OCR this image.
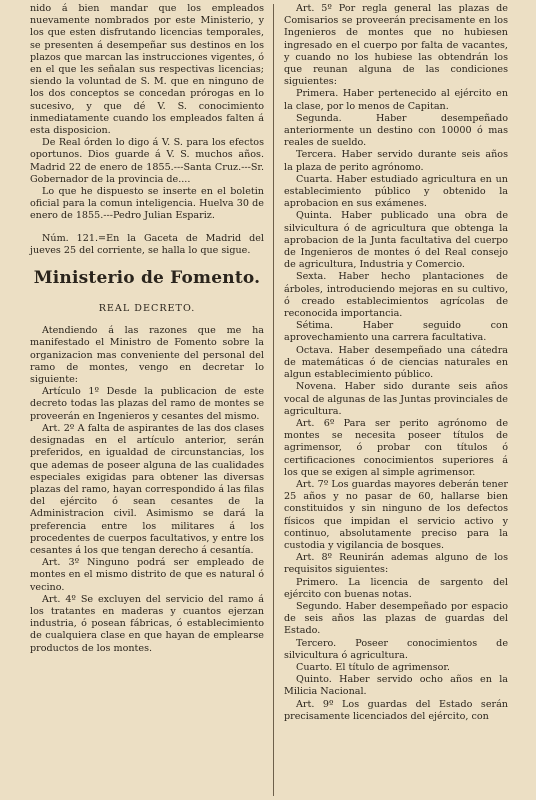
nido á bien mandar que los empleados nuevamente nombrados por este Ministerio, y los que esten disfrutando licencias temporales, se presenten á desempeñar sus destinos en los plazos que marcan las instrucciones vigentes, ó en el que les señalan sus respectivas licencias; siendo la voluntad de S. M. que en ninguno de los dos conceptos se concedan prórogas en lo sucesivo, y que dé V. S. conocimiento inmediatamente cuando los empleados falten á esta disposicion.

De Real órden lo digo á V. S. para los efectos oportunos. Dios guarde á V. S. muchos años. Madrid 22 de enero de 1855.---Santa Cruz.---Sr. Gobernador de la provincia de....

Lo que he dispuesto se inserte en el boletin oficial para la comun inteligencia. Huelva 30 de enero de 1855.---Pedro Julian Espariz.

Núm. 121.=En la Gaceta de Madrid del jueves 25 del corriente, se halla lo que sigue.

Ministerio de Fomento.
REAL DECRETO.

Atendiendo á las razones que me ha manifestado el Ministro de Fomento sobre la organizacion mas conveniente del personal del ramo de montes, vengo en decretar lo siguiente:

Artículo 1º Desde la publicacion de este decreto todas las plazas del ramo de montes se proveerán en Ingenieros y cesantes del mismo.

Art. 2º A falta de aspirantes de las dos clases designadas en el artículo anterior, serán preferidos, en igualdad de circunstancias, los que ademas de poseer alguna de las cualidades especiales exigidas para obtener las diversas plazas del ramo, hayan correspondido á las filas del ejército ó sean cesantes de la Administracion civil. Asimismo se dará la preferencia entre los militares á los procedentes de cuerpos facultativos, y entre los cesantes á los que tengan derecho á cesantía.

Art. 3º Ninguno podrá ser empleado de montes en el mismo distrito de que es natural ó vecino.

Art. 4º Se excluyen del servicio del ramo á los tratantes en maderas y cuantos ejerzan industria, ó posean fábricas, ó establecimiento de cualquiera clase en que hayan de emplearse productos de los montes.

Art. 5º Por regla general las plazas de Comisarios se proveerán precisamente en los Ingenieros de montes que no hubiesen ingresado en el cuerpo por falta de vacantes, y cuando no los hubiese las obtendrán los que reunan alguna de las condiciones siguientes:

Primera. Haber pertenecido al ejército en la clase, por lo menos de Capitan.

Segunda. Haber desempeñado anteriormente un destino con 10000 ó mas reales de sueldo.

Tercera. Haber servido durante seis años la plaza de perito agrónomo.

Cuarta. Haber estudiado agricultura en un establecimiento público y obtenido la aprobacion en sus exámenes.

Quinta. Haber publicado una obra de silvicultura ó de agricultura que obtenga la aprobacion de la Junta facultativa del cuerpo de Ingenieros de montes ó del Real consejo de agricultura, Industria y Comercio.

Sexta. Haber hecho plantaciones de árboles, introduciendo mejoras en su cultivo, ó creado establecimientos agrícolas de reconocida importancia.

Sétima. Haber seguido con aprovechamiento una carrera facultativa.

Octava. Haber desempeñado una cátedra de matemáticas ó de ciencias naturales en algun establecimiento público.

Novena. Haber sido durante seis años vocal de algunas de las Juntas provinciales de agricultura.

Art. 6º Para ser perito agrónomo de montes se necesita poseer títulos de agrimensor, ó probar con títulos ó certificaciones conocimientos superiores á los que se exigen al simple agrimensor.

Art. 7º Los guardas mayores deberán tener 25 años y no pasar de 60, hallarse bien constituidos y sin ninguno de los defectos físicos que impidan el servicio activo y continuo, absolutamente preciso para la custodia y vigilancia de bosques.

Art. 8º Reunirán ademas alguno de los requisitos siguientes:

Primero. La licencia de sargento del ejército con buenas notas.

Segundo. Haber desempeñado por espacio de seis años las plazas de guardas del Estado.

Tercero. Poseer conocimientos de silvicultura ó agricultura.

Cuarto. El título de agrimensor.

Quinto. Haber servido ocho años en la Milicia Nacional.

Art. 9º Los guardas del Estado serán precisamente licenciados del ejército, con
